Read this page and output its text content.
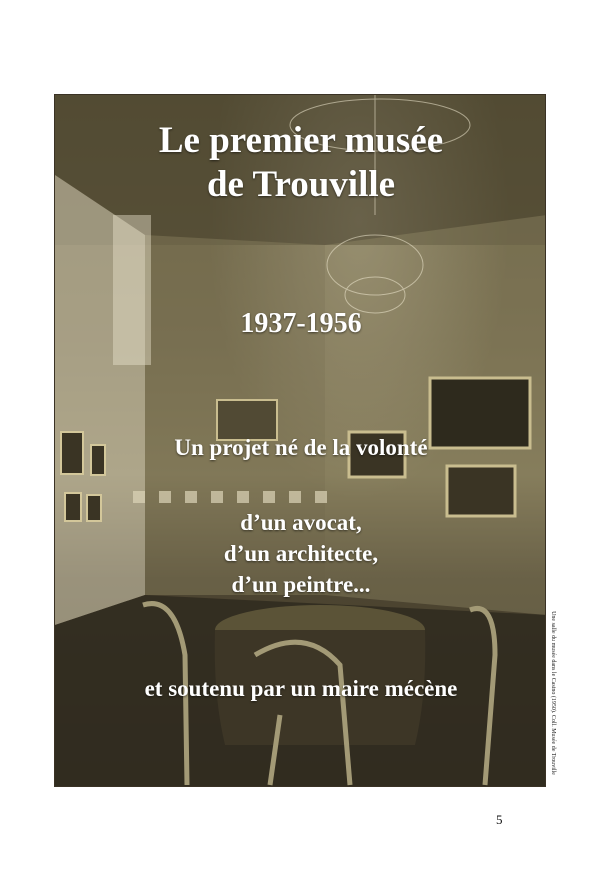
Le premier musée
de Trouville
1937-1956
Un projet né de la volonté
d’un avocat,
d’un architecte,
d’un peintre...
et soutenu par un maire mécène	Une salle du musée dans le Casino (1950). Coll. Musée de Trouville
5
